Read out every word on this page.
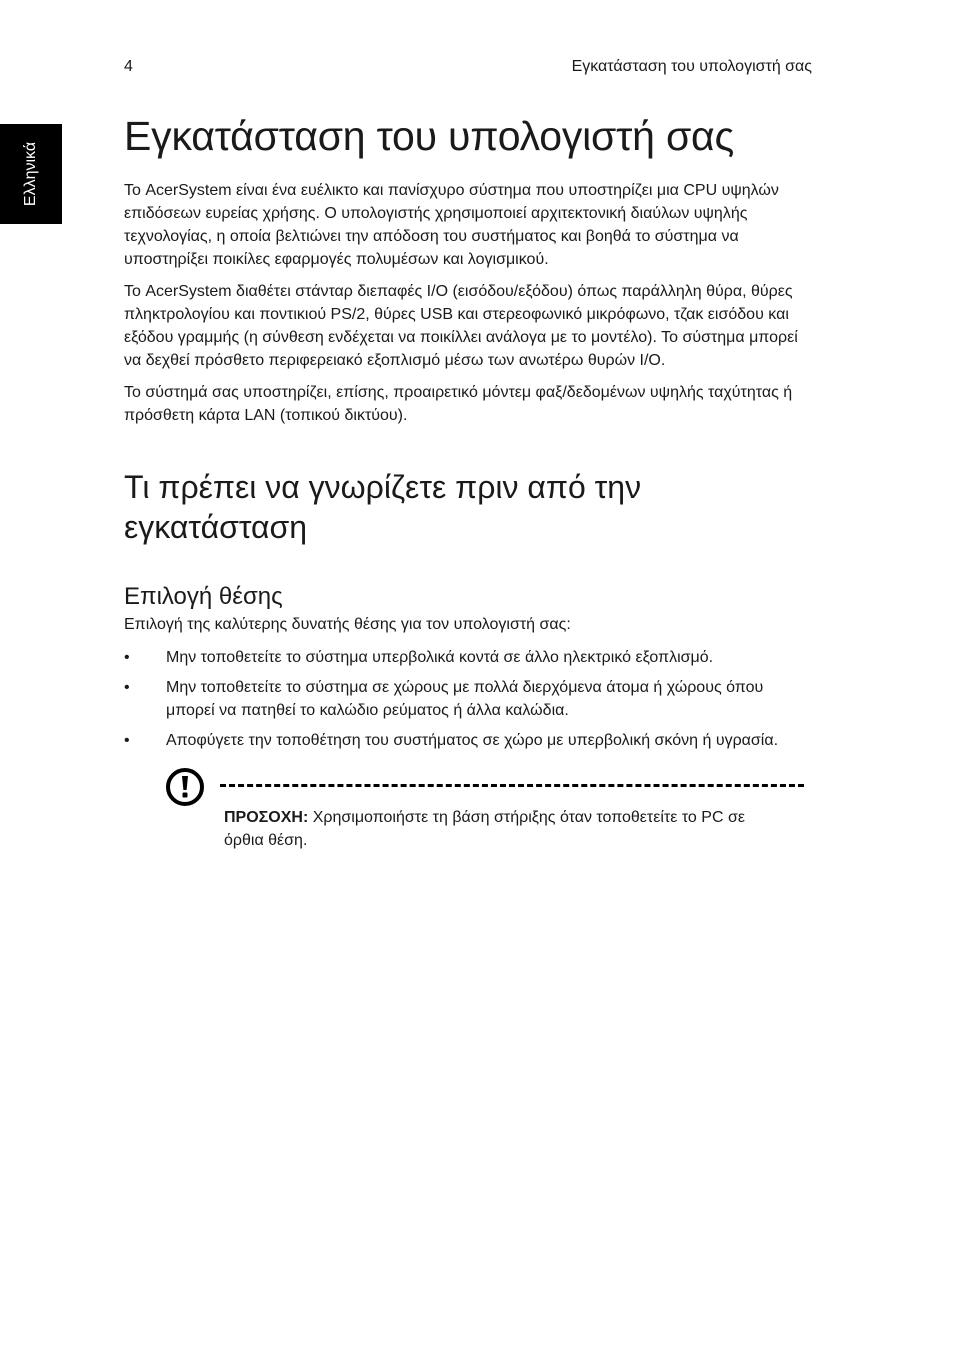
4	Εγκατάσταση του υπολογιστή σας
Ελληνικά
Εγκατάσταση του υπολογιστή σας

Το AcerSystem είναι ένα ευέλικτο και πανίσχυρο σύστημα που υποστηρίζει μια CPU υψηλών επιδόσεων ευρείας χρήσης. Ο υπολογιστής χρησιμοποιεί αρχιτεκτονική διαύλων υψηλής τεχνολογίας, η οποία βελτιώνει την απόδοση του συστήματος και βοηθά το σύστημα να υποστηρίξει ποικίλες εφαρμογές πολυμέσων και λογισμικού.

Το AcerSystem διαθέτει στάνταρ διεπαφές I/O (εισόδου/εξόδου) όπως παράλληλη θύρα, θύρες πληκτρολογίου και ποντικιού PS/2, θύρες USB και στερεοφωνικό μικρόφωνο, τζακ εισόδου και εξόδου γραμμής (η σύνθεση ενδέχεται να ποικίλλει ανάλογα με το μοντέλο). Το σύστημα μπορεί να δεχθεί πρόσθετο περιφερειακό εξοπλισμό μέσω των ανωτέρω θυρών I/O.

Το σύστημά σας υποστηρίζει, επίσης, προαιρετικό μόντεμ φαξ/δεδομένων υψηλής ταχύτητας ή πρόσθετη κάρτα LAN (τοπικού δικτύου).

Τι πρέπει να γνωρίζετε πριν από την εγκατάσταση
Επιλογή θέσης

Επιλογή της καλύτερης δυνατής θέσης για τον υπολογιστή σας:

• Μην τοποθετείτε το σύστημα υπερβολικά κοντά σε άλλο ηλεκτρικό εξοπλισμό.
• Μην τοποθετείτε το σύστημα σε χώρους με πολλά διερχόμενα άτομα ή χώρους όπου μπορεί να πατηθεί το καλώδιο ρεύματος ή άλλα καλώδια.
• Αποφύγετε την τοποθέτηση του συστήματος σε χώρο με υπερβολική σκόνη ή υγρασία.
ΠΡΟΣΟΧΗ: Χρησιμοποιήστε τη βάση στήριξης όταν τοποθετείτε το PC σε όρθια θέση.
